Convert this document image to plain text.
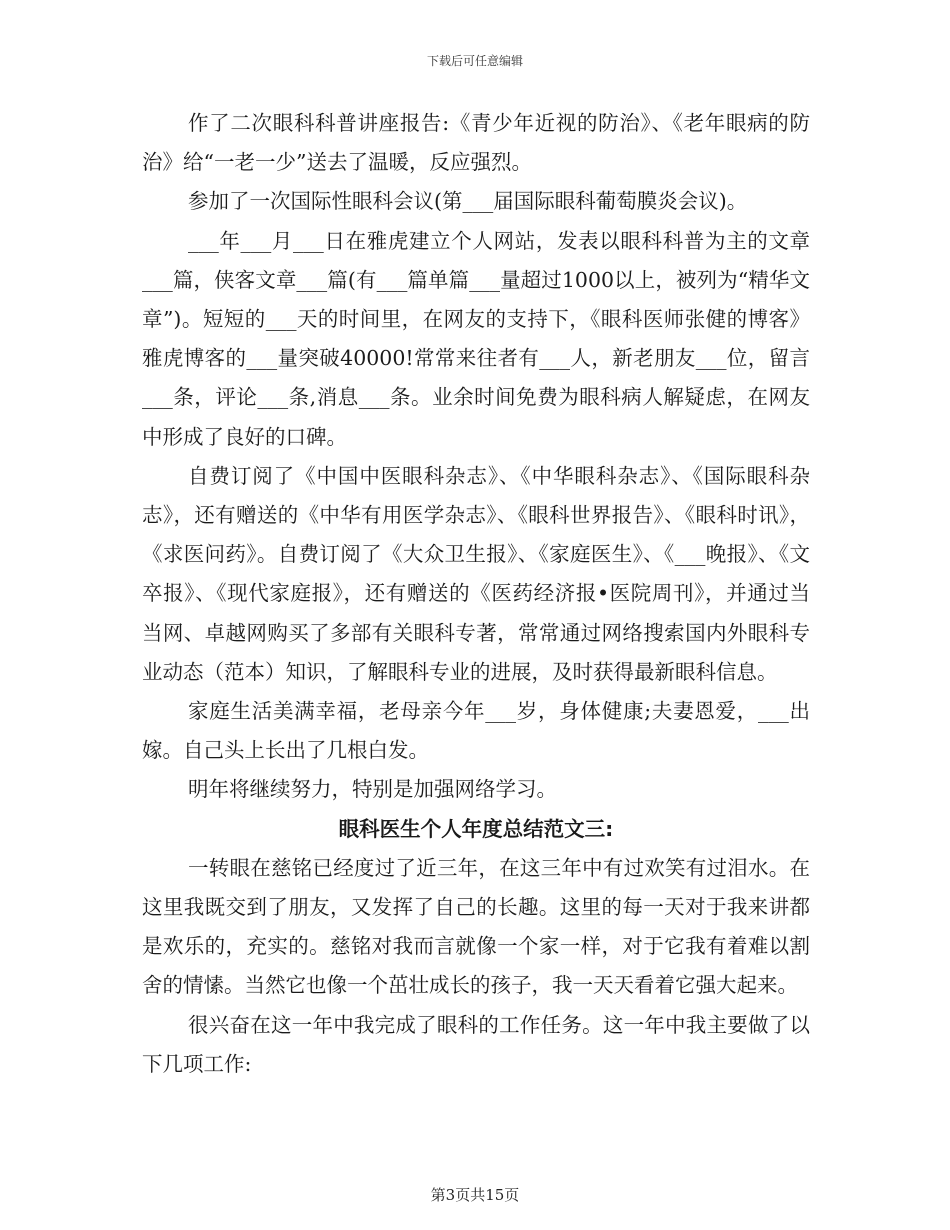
下载后可任意编辑

作了二次眼科科普讲座报告:《青少年近视的防治》、《老年眼病的防治》给“一老一少”送去了温暖，反应强烈。

参加了一次国际性眼科会议(第___届国际眼科葡萄膜炎会议)。

___年___月___日在雅虎建立个人网站，发表以眼科科普为主的文章___篇，侠客文章___篇(有___篇单篇___量超过1000以上，被列为“精华文章”)。短短的___天的时间里，在网友的支持下，《眼科医师张健的博客》雅虎博客的___量突破40000!常常来往者有___人，新老朋友___位，留言___条，评论___条,消息___条。业余时间免费为眼科病人解疑虑，在网友中形成了良好的口碑。

自费订阅了《中国中医眼科杂志》、《中华眼科杂志》、《国际眼科杂志》，还有赠送的《中华有用医学杂志》、《眼科世界报告》、《眼科时讯》，《求医问药》。自费订阅了《大众卫生报》、《家庭医生》、《___晚报》、《文卒报》、《现代家庭报》，还有赠送的《医药经济报•医院周刊》，并通过当当网、卓越网购买了多部有关眼科专著，常常通过网络搜索国内外眼科专业动态（范本）知识，了解眼科专业的进展，及时获得最新眼科信息。

家庭生活美满幸福，老母亲今年___岁，身体健康;夫妻恩爱，___出嫁。自己头上长出了几根白发。

明年将继续努力，特别是加强网络学习。

眼科医生个人年度总结范文三:

一转眼在慈铭已经度过了近三年，在这三年中有过欢笑有过泪水。在这里我既交到了朋友，又发挥了自己的长趣。这里的每一天对于我来讲都是欢乐的，充实的。慈铭对我而言就像一个家一样，对于它我有着难以割舍的情愫。当然它也像一个茁壮成长的孩子，我一天天看着它强大起来。

很兴奋在这一年中我完成了眼科的工作任务。这一年中我主要做了以下几项工作:

第3页共15页
